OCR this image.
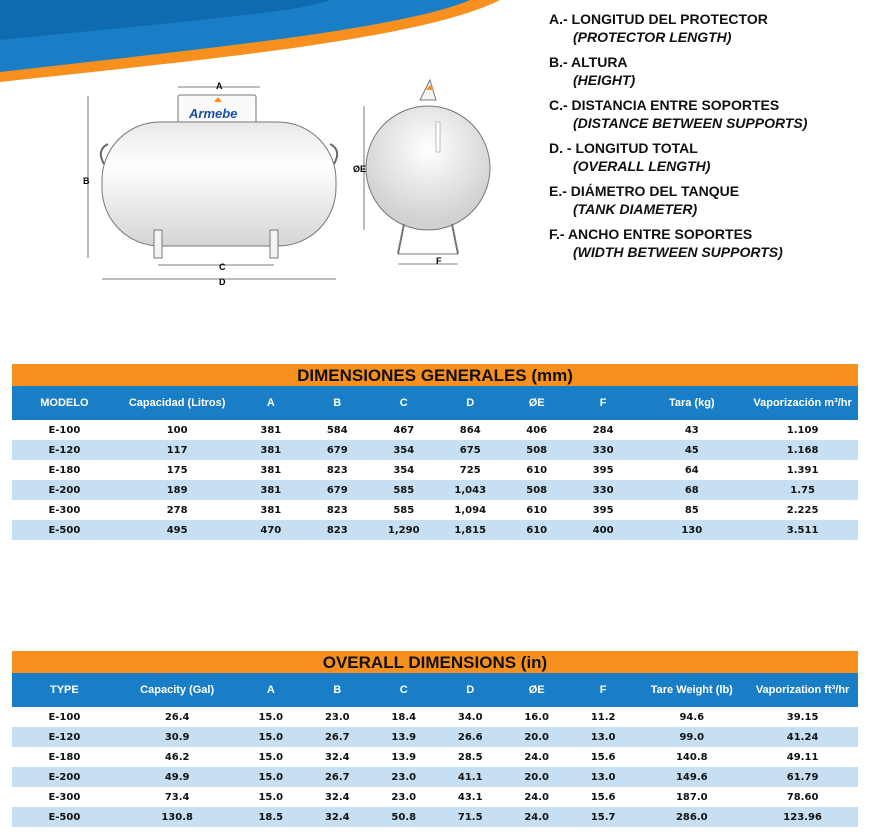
A
Armebe
B
C
D
ØE
F
A.- LONGITUD DEL PROTECTOR
(PROTECTOR LENGTH)
B.- ALTURA
(HEIGHT)
C.- DISTANCIA ENTRE SOPORTES
(DISTANCE BETWEEN SUPPORTS)
D. - LONGITUD TOTAL
(OVERALL LENGTH)
E.- DIÁMETRO DEL TANQUE
(TANK DIAMETER)
F.- ANCHO ENTRE SOPORTES
(WIDTH BETWEEN SUPPORTS)
DIMENSIONES GENERALES (mm)
MODELO	Capacidad (Litros)	A	B	C	D	ØE	F	Tara (kg)	Vaporización m³/hr
E-100	100	381	584	467	864	406	284	43	1.109
E-120	117	381	679	354	675	508	330	45	1.168
E-180	175	381	823	354	725	610	395	64	1.391
E-200	189	381	679	585	1,043	508	330	68	1.75
E-300	278	381	823	585	1,094	610	395	85	2.225
E-500	495	470	823	1,290	1,815	610	400	130	3.511
OVERALL DIMENSIONS (in)
TYPE	Capacity (Gal)	A	B	C	D	ØE	F	Tare Weight (lb)	Vaporization ft³/hr
E-100	26.4	15.0	23.0	18.4	34.0	16.0	11.2	94.6	39.15
E-120	30.9	15.0	26.7	13.9	26.6	20.0	13.0	99.0	41.24
E-180	46.2	15.0	32.4	13.9	28.5	24.0	15.6	140.8	49.11
E-200	49.9	15.0	26.7	23.0	41.1	20.0	13.0	149.6	61.79
E-300	73.4	15.0	32.4	23.0	43.1	24.0	15.6	187.0	78.60
E-500	130.8	18.5	32.4	50.8	71.5	24.0	15.7	286.0	123.96
